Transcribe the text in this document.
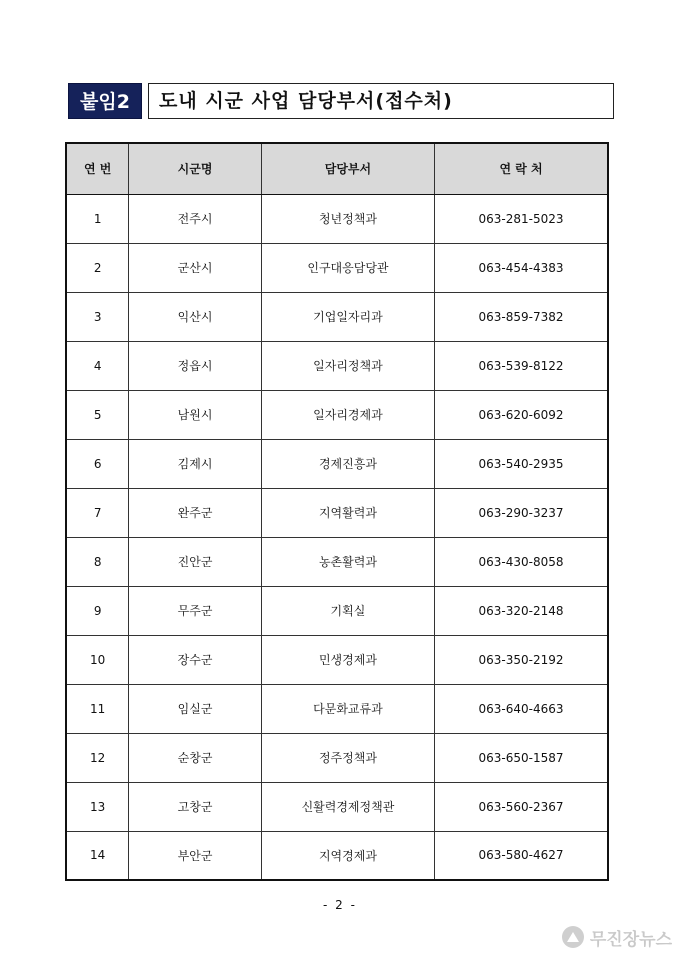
붙임2	도내 시군 사업 담당부서(접수처)
연 번	시군명	담당부서	연 락 처
1	전주시	청년정책과	063-281-5023
2	군산시	인구대응담당관	063-454-4383
3	익산시	기업일자리과	063-859-7382
4	정읍시	일자리정책과	063-539-8122
5	남원시	일자리경제과	063-620-6092
6	김제시	경제진흥과	063-540-2935
7	완주군	지역활력과	063-290-3237
8	진안군	농촌활력과	063-430-8058
9	무주군	기획실	063-320-2148
10	장수군	민생경제과	063-350-2192
11	임실군	다문화교류과	063-640-4663
12	순창군	정주정책과	063-650-1587
13	고창군	신활력경제정책관	063-560-2367
14	부안군	지역경제과	063-580-4627
- 2 -
무진장뉴스
